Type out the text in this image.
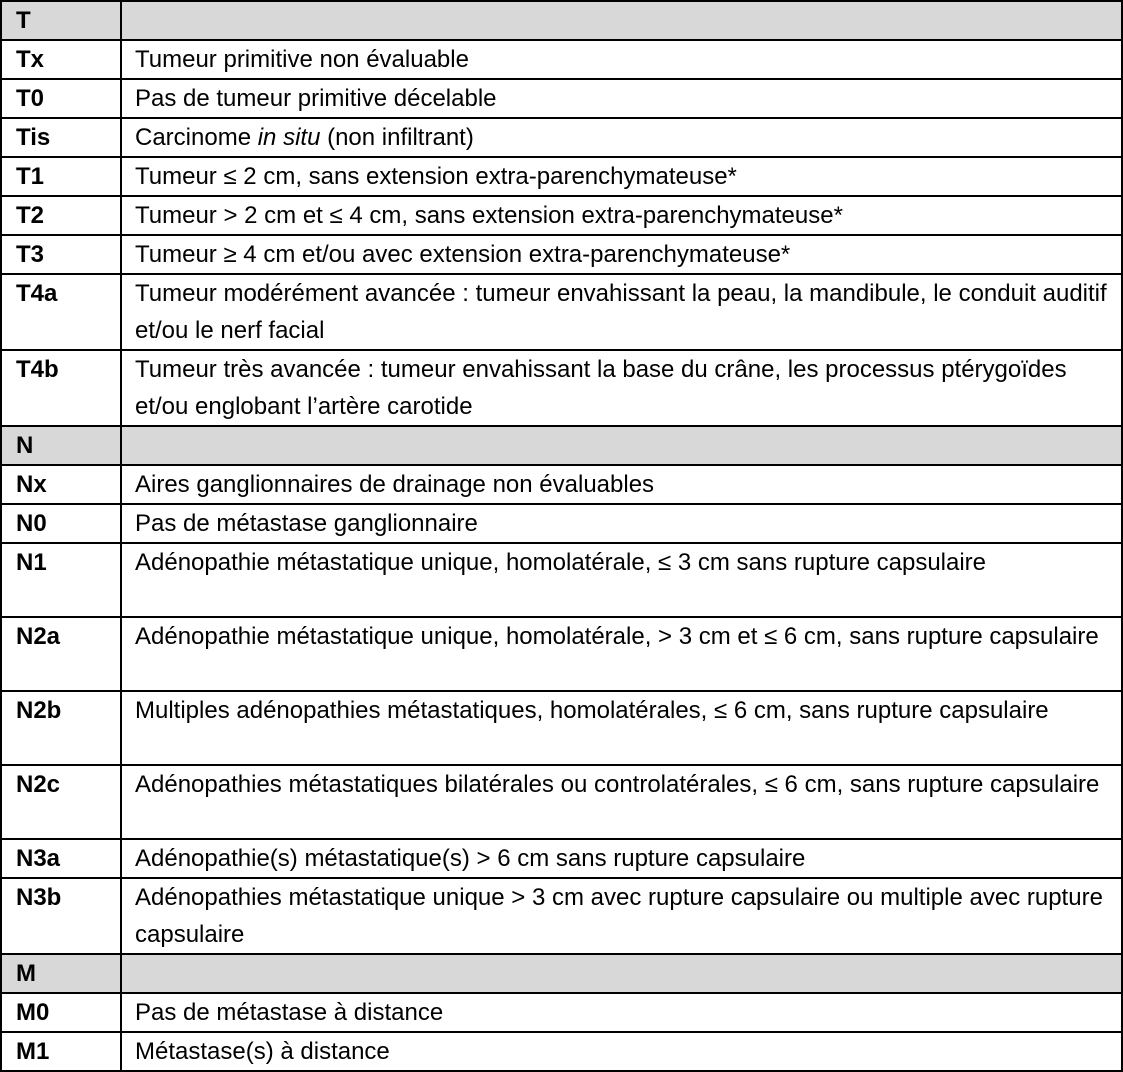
T	
Tx	Tumeur primitive non évaluable
T0	Pas de tumeur primitive décelable
Tis	Carcinome in situ (non infiltrant)
T1	Tumeur ≤ 2 cm, sans extension extra-parenchymateuse*
T2	Tumeur > 2 cm et ≤ 4 cm, sans extension extra-parenchymateuse*
T3	Tumeur ≥ 4 cm et/ou avec extension extra-parenchymateuse*
T4a	Tumeur modérément avancée : tumeur envahissant la peau, la mandibule, le conduit auditif et/ou le nerf facial
T4b	Tumeur très avancée : tumeur envahissant la base du crâne, les processus ptérygoïdes et/ou englobant l’artère carotide
N	
Nx	Aires ganglionnaires de drainage non évaluables
N0	Pas de métastase ganglionnaire
N1	Adénopathie métastatique unique, homolatérale, ≤ 3 cm sans rupture capsulaire
N2a	Adénopathie métastatique unique, homolatérale, > 3 cm et ≤ 6 cm, sans rupture capsulaire
N2b	Multiples adénopathies métastatiques, homolatérales, ≤ 6 cm, sans rupture capsulaire
N2c	Adénopathies métastatiques bilatérales ou controlatérales, ≤ 6 cm, sans rupture capsulaire
N3a	Adénopathie(s) métastatique(s) > 6 cm sans rupture capsulaire
N3b	Adénopathies métastatique unique > 3 cm avec rupture capsulaire ou multiple avec rupture capsulaire
M	
M0	Pas de métastase à distance
M1	Métastase(s) à distance
